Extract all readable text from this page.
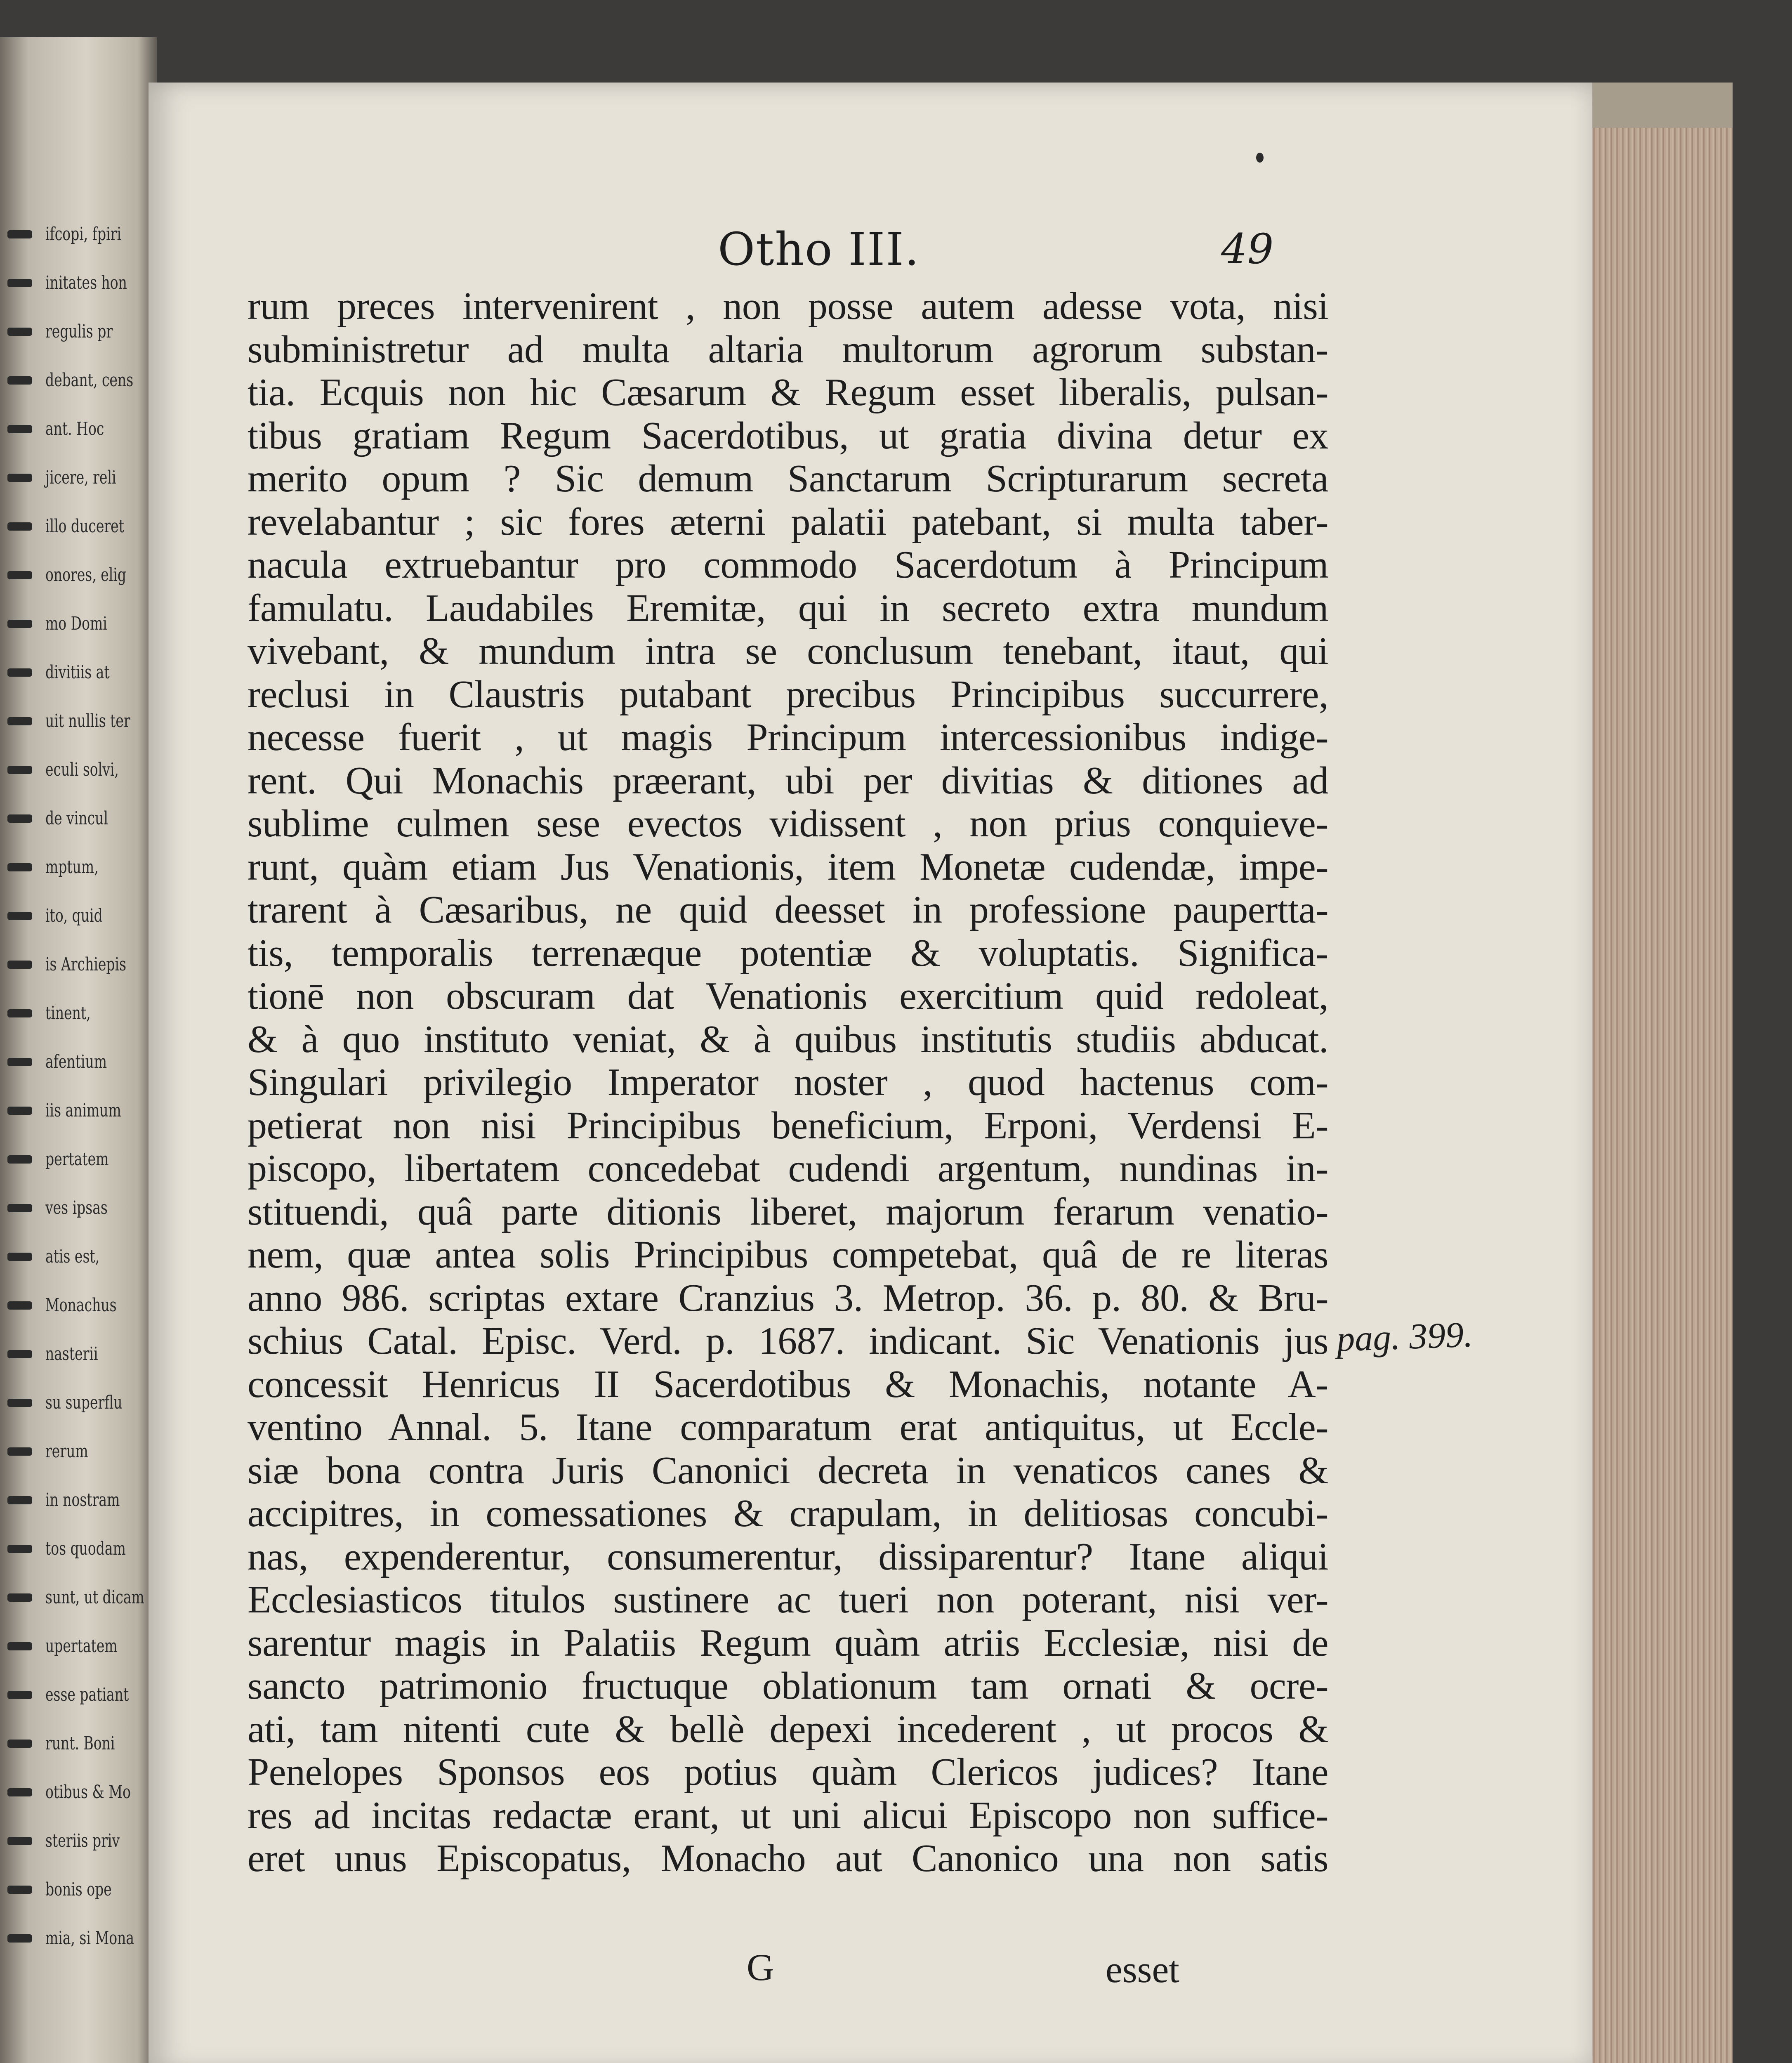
ifcopi, fpiri
initates hon
regulis pr
debant, cens
ant. Hoc
jicere, reli
illo duceret
onores, elig
mo Domi
divitiis at
uit nullis ter
eculi solvi,
de vincul
mptum,
ito, quid
is Archiepis
tinent,
afentium
iis animum
pertatem
ves ipsas
atis est,
Monachus
nasterii
su superflu
rerum
in nostram
tos quodam
sunt, ut dicam
upertatem
esse patiant
runt. Boni
otibus & Mo
steriis priv
bonis ope
mia, si Mona
Otho III.	49
rum preces intervenirent , non posse autem adesse vota, nisi
subministretur ad multa altaria multorum agrorum substan-
tia. Ecquis non hic Cæsarum & Regum esset liberalis, pulsan-
tibus gratiam Regum Sacerdotibus, ut gratia divina detur ex
merito opum ? Sic demum Sanctarum Scripturarum secreta
revelabantur ; sic fores æterni palatii patebant, si multa taber-
nacula extruebantur pro commodo Sacerdotum à Principum
famulatu. Laudabiles Eremitæ, qui in secreto extra mundum
vivebant, & mundum intra se conclusum tenebant, itaut, qui
reclusi in Claustris putabant precibus Principibus succurrere,
necesse fuerit , ut magis Principum intercessionibus indige-
rent. Qui Monachis præerant, ubi per divitias & ditiones ad
sublime culmen sese evectos vidissent , non prius conquieve-
runt, quàm etiam Jus Venationis, item Monetæ cudendæ, impe-
trarent à Cæsaribus, ne quid deesset in professione paupertta-
tis, temporalis terrenæque potentiæ & voluptatis. Significa-
tionē non obscuram dat Venationis exercitium quid redoleat,
& à quo instituto veniat, & à quibus institutis studiis abducat.
Singulari privilegio Imperator noster , quod hactenus com-
petierat non nisi Principibus beneficium, Erponi, Verdensi E-
piscopo, libertatem concedebat cudendi argentum, nundinas in-
stituendi, quâ parte ditionis liberet, majorum ferarum venatio-
nem, quæ antea solis Principibus competebat, quâ de re literas
anno 986. scriptas extare Cranzius 3. Metrop. 36. p. 80. & Bru-
schius Catal. Episc. Verd. p. 1687. indicant. Sic Venationis jus
concessit Henricus II Sacerdotibus & Monachis, notante A-
ventino Annal. 5. Itane comparatum erat antiquitus, ut Eccle-
siæ bona contra Juris Canonici decreta in venaticos canes &
accipitres, in comessationes & crapulam, in delitiosas concubi-
nas, expenderentur, consumerentur, dissiparentur? Itane aliqui
Ecclesiasticos titulos sustinere ac tueri non poterant, nisi ver-
sarentur magis in Palatiis Regum quàm atriis Ecclesiæ, nisi de
sancto patrimonio fructuque oblationum tam ornati & ocre-
ati, tam nitenti cute & bellè depexi incederent , ut procos &
Penelopes Sponsos eos potius quàm Clericos judices? Itane
res ad incitas redactæ erant, ut uni alicui Episcopo non suffice-
eret unus Episcopatus, Monacho aut Canonico una non satis
pag. 399.
G	esset
